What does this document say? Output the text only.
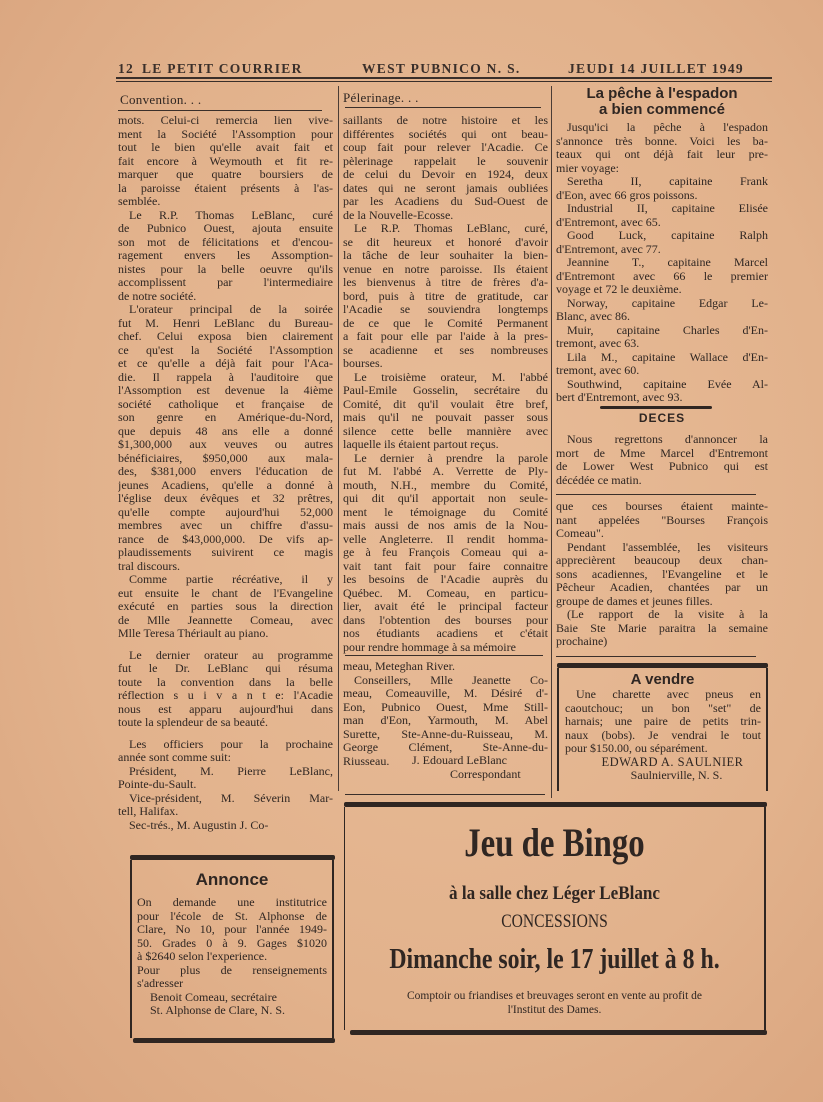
12 LE PETIT COURRIER	WEST PUBNICO N. S.	JEUDI 14 JUILLET 1949
Convention. . .
mots. Celui-ci remercia lien vive-
ment la Société l'Assomption pour
tout le bien qu'elle avait fait et
fait encore à Weymouth et fit re-
marquer que quatre boursiers de
la paroisse étaient présents à l'as-
semblée.
Le R.P. Thomas LeBlanc, curé
de Pubnico Ouest, ajouta ensuite
son mot de félicitations et d'encou-
ragement envers les Assomption-
nistes pour la belle oeuvre qu'ils
accomplissent par l'intermediaire
de notre société.
L'orateur principal de la soirée
fut M. Henri LeBlanc du Bureau-
chef. Celui exposa bien clairement
ce qu'est la Société l'Assomption
et ce qu'elle a déjà fait pour l'Aca-
die. Il rappela à l'auditoire que
l'Assomption est devenue la 4ième
société catholique et française de
son genre en Amérique-du-Nord,
que depuis 48 ans elle a donné
$1,300,000 aux veuves ou autres
bénéficiaires, $950,000 aux mala-
des, $381,000 envers l'éducation de
jeunes Acadiens, qu'elle a donné à
l'église deux évêques et 32 prêtres,
qu'elle compte aujourd'hui 52,000
membres avec un chiffre d'assu-
rance de $43,000,000. De vifs ap-
plaudissements suivirent ce magis
tral discours.
Comme partie récréative, il y
eut ensuite le chant de l'Evangeline
exécuté en parties sous la direction
de Mlle Jeannette Comeau, avec
Mlle Teresa Thériault au piano.
Le dernier orateur au programme
fut le Dr. LeBlanc qui résuma
toute la convention dans la belle
réflection s u i v a n t e: l'Acadie
nous est apparu aujourd'hui dans
toute la splendeur de sa beauté.
Les officiers pour la prochaine
année sont comme suit:
Président, M. Pierre LeBlanc,
Pointe-du-Sault.
Vice-président, M. Séverin Mar-
tell, Halifax.
Sec-trés., M. Augustin J. Co-
Pélerinage. . .
saillants de notre histoire et les
différentes sociétés qui ont beau-
coup fait pour relever l'Acadie. Ce
pèlerinage rappelait le souvenir
de celui du Devoir en 1924, deux
dates qui ne seront jamais oubliées
par les Acadiens du Sud-Ouest de
de la Nouvelle-Ecosse.
Le R.P. Thomas LeBlanc, curé,
se dit heureux et honoré d'avoir
la tâche de leur souhaiter la bien-
venue en notre paroisse. Ils étaient
les bienvenus à titre de frères d'a-
bord, puis à titre de gratitude, car
l'Acadie se souviendra longtemps
de ce que le Comité Permanent
a fait pour elle par l'aide à la pres-
se acadienne et ses nombreuses
bourses.
Le troisième orateur, M. l'abbé
Paul-Emile Gosselin, secrétaire du
Comité, dit qu'il voulait être bref,
mais qu'il ne pouvait passer sous
silence cette belle mannière avec
laquelle ils étaient partout reçus.
Le dernier à prendre la parole
fut M. l'abbé A. Verrette de Ply-
mouth, N.H., membre du Comité,
qui dit qu'il apportait non seule-
ment le témoignage du Comité
mais aussi de nos amis de la Nou-
velle Angleterre. Il rendit homma-
ge à feu François Comeau qui a-
vait tant fait pour faire connaitre
les besoins de l'Acadie auprès du
Québec. M. Comeau, en particu-
lier, avait été le principal facteur
dans l'obtention des bourses pour
nos étudiants acadiens et c'était
pour rendre hommage à sa mémoire
meau, Meteghan River.
Conseillers, Mlle Jeanette Co-
meau, Comeauville, M. Désiré d'-
Eon, Pubnico Ouest, Mme Still-
man d'Eon, Yarmouth, M. Abel
Surette, Ste-Anne-du-Ruisseau, M.
George Clément, Ste-Anne-du-
Riusseau.	J. Edouard LeBlanc
Correspondant
La pêche à l'espadon
a bien commencé
Jusqu'ici la pêche à l'espadon
s'annonce très bonne. Voici les ba-
teaux qui ont déjà fait leur pre-
mier voyage:
Seretha II, capitaine Frank
d'Eon, avec 66 gros poissons.
Industrial II, capitaine Elisée
d'Entremont, avec 65.
Good Luck, capitaine Ralph
d'Entremont, avec 77.
Jeannine T., capitaine Marcel
d'Entremont avec 66 le premier
voyage et 72 le deuxième.
Norway, capitaine Edgar Le-
Blanc, avec 86.
Muir, capitaine Charles d'En-
tremont, avec 63.
Lila M., capitaine Wallace d'En-
tremont, avec 60.
Southwind, capitaine Evée Al-
bert d'Entremont, avec 93.
DECES
Nous regrettons d'annoncer la
mort de Mme Marcel d'Entremont
de Lower West Pubnico qui est
décédée ce matin.
que ces bourses étaient mainte-
nant appelées "Bourses François
Comeau".
Pendant l'assemblée, les visiteurs
apprecièrent beaucoup deux chan-
sons acadiennes, l'Evangeline et le
Pêcheur Acadien, chantées par un
groupe de dames et jeunes filles.
(Le rapport de la visite à la
Baie Ste Marie paraitra la semaine
prochaine)
A vendre
Une charette avec pneus en
caoutchouc; un bon "set" de
harnais; une paire de petits trin-
naux (bobs). Je vendrai le tout
pour $150.00, ou séparément.
EDWARD A. SAULNIER
Saulnierville, N. S.
Annonce
On demande une institutrice
pour l'école de St. Alphonse de
Clare, No 10, pour l'année 1949-
50. Grades 0 à 9. Gages $1020
à $2640 selon l'experience.
Pour plus de renseignements
s'adresser
Benoit Comeau, secrétaire
St. Alphonse de Clare, N. S.
Jeu de Bingo
à la salle chez Léger LeBlanc
CONCESSIONS
Dimanche soir, le 17 juillet à 8 h.
Comptoir ou friandises et breuvages seront en vente au profit de
l'Institut des Dames.
